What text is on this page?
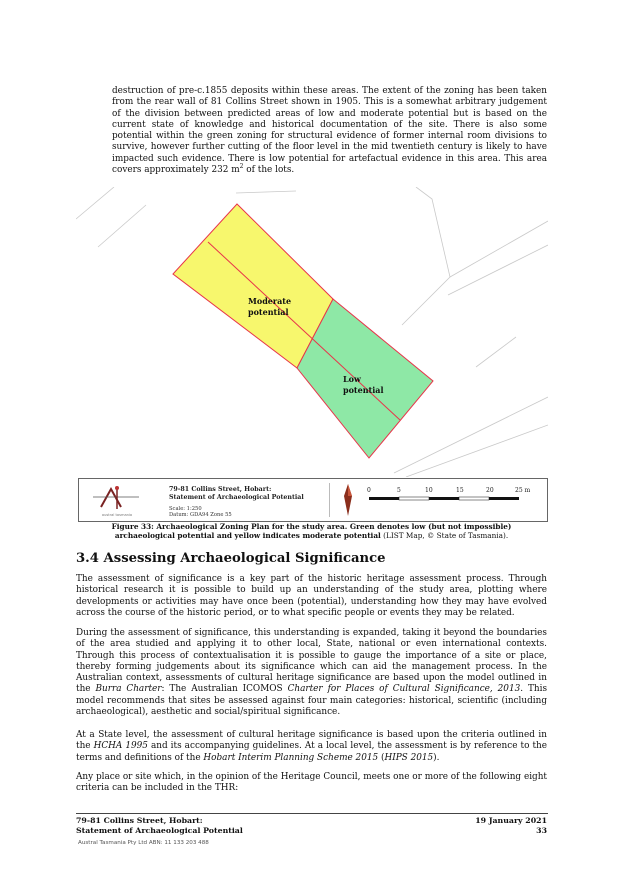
destruction of pre-c.1855 deposits within these areas. The extent of the zoning has been taken from the rear wall of 81 Collins Street shown in 1905. This is a somewhat arbitrary judgement of the division between predicted areas of low and moderate potential but is based on the current state of knowledge and historical documentation of the site. There is also some potential within the green zoning for structural evidence of former internal room divisions to survive, however further cutting of the floor level in the mid twentieth century is likely to have impacted such evidence. There is low potential for artefactual evidence in this area. This area covers approximately 232 $m^2$ of the lots.

Moderate
potential
Low
potential
austral tasmania
79-81 Collins Street, Hobart:
Statement of Archaeological Potential
Scale: 1:250
Datum: GDA94 Zone 55
0	5	10	15	20	25 m
Figure 33: Archaeological Zoning Plan for the study area. Green denotes low (but not impossible)
archaeological potential and yellow indicates moderate potential (LIST Map, © State of Tasmania).
3.4 Assessing Archaeological Significance

The assessment of significance is a key part of the historic heritage assessment process. Through historical research it is possible to build up an understanding of the study area, plotting where developments or activities may have once been (potential), understanding how they may have evolved across the course of the historic period, or to what specific people or events they may be related.

During the assessment of significance, this understanding is expanded, taking it beyond the boundaries of the area studied and applying it to other local, State, national or even international contexts. Through this process of contextualisation it is possible to gauge the importance of a site or place, thereby forming judgements about its significance which can aid the management process. In the Australian context, assessments of cultural heritage significance are based upon the model outlined in the Burra Charter: The Australian ICOMOS Charter for Places of Cultural Significance, 2013. This model recommends that sites be assessed against four main categories: historical, scientific (including archaeological), aesthetic and social/spiritual significance.

At a State level, the assessment of cultural heritage significance is based upon the criteria outlined in the HCHA 1995 and its accompanying guidelines. At a local level, the assessment is by reference to the terms and definitions of the Hobart Interim Planning Scheme 2015 (HIPS 2015).

Any place or site which, in the opinion of the Heritage Council, meets one or more of the following eight criteria can be included in the THR:

79-81 Collins Street, Hobart:
Statement of Archaeological Potential
19 January 2021
33
Austral Tasmania Pty Ltd ABN: 11 133 203 488
